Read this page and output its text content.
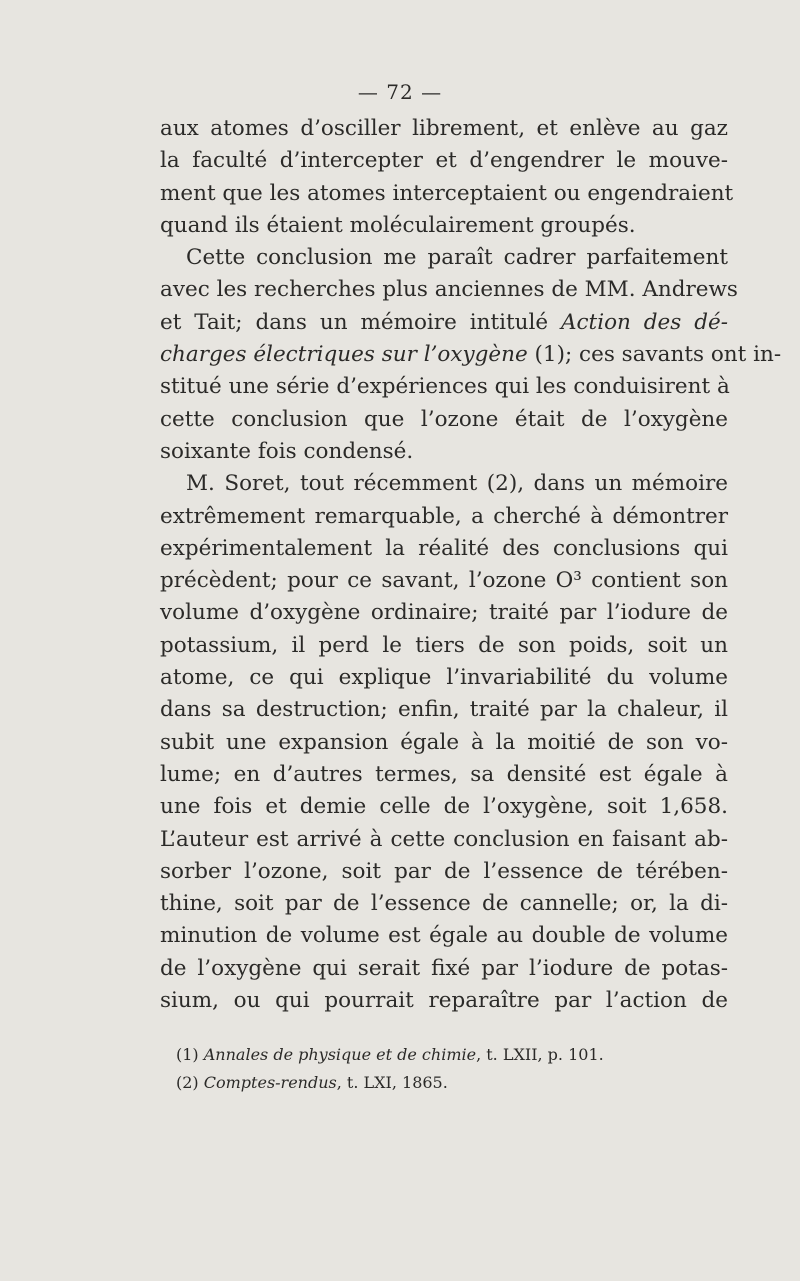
— 72 —
aux atomes d’osciller librement, et enlève au gaz
la faculté d’intercepter et d’engendrer le mouve-
ment que les atomes interceptaient ou engendraient
quand ils étaient moléculairement groupés.
Cette conclusion me paraît cadrer parfaitement
avec les recherches plus anciennes de MM. Andrews
et Tait; dans un mémoire intitulé Action des dé-
charges électriques sur l’oxygène (1); ces savants ont in-
stitué une série d’expériences qui les conduisirent à
cette conclusion que l’ozone était de l’oxygène
soixante fois condensé.
M. Soret, tout récemment (2), dans un mémoire
extrêmement remarquable, a cherché à démontrer
expérimentalement la réalité des conclusions qui
précèdent; pour ce savant, l’ozone O³ contient son
volume d’oxygène ordinaire; traité par l’iodure de
potassium, il perd le tiers de son poids, soit un
atome, ce qui explique l’invariabilité du volume
dans sa destruction; enfin, traité par la chaleur, il
subit une expansion égale à la moitié de son vo-
lume; en d’autres termes, sa densité est égale à
une fois et demie celle de l’oxygène, soit 1,658.
L’auteur est arrivé à cette conclusion en faisant ab-
sorber l’ozone, soit par de l’essence de térében-
thine, soit par de l’essence de cannelle; or, la di-
minution de volume est égale au double de volume
de l’oxygène qui serait fixé par l’iodure de potas-
sium, ou qui pourrait reparaître par l’action de
(1) Annales de physique et de chimie, t. LXII, p. 101.
(2) Comptes-rendus, t. LXI, 1865.
